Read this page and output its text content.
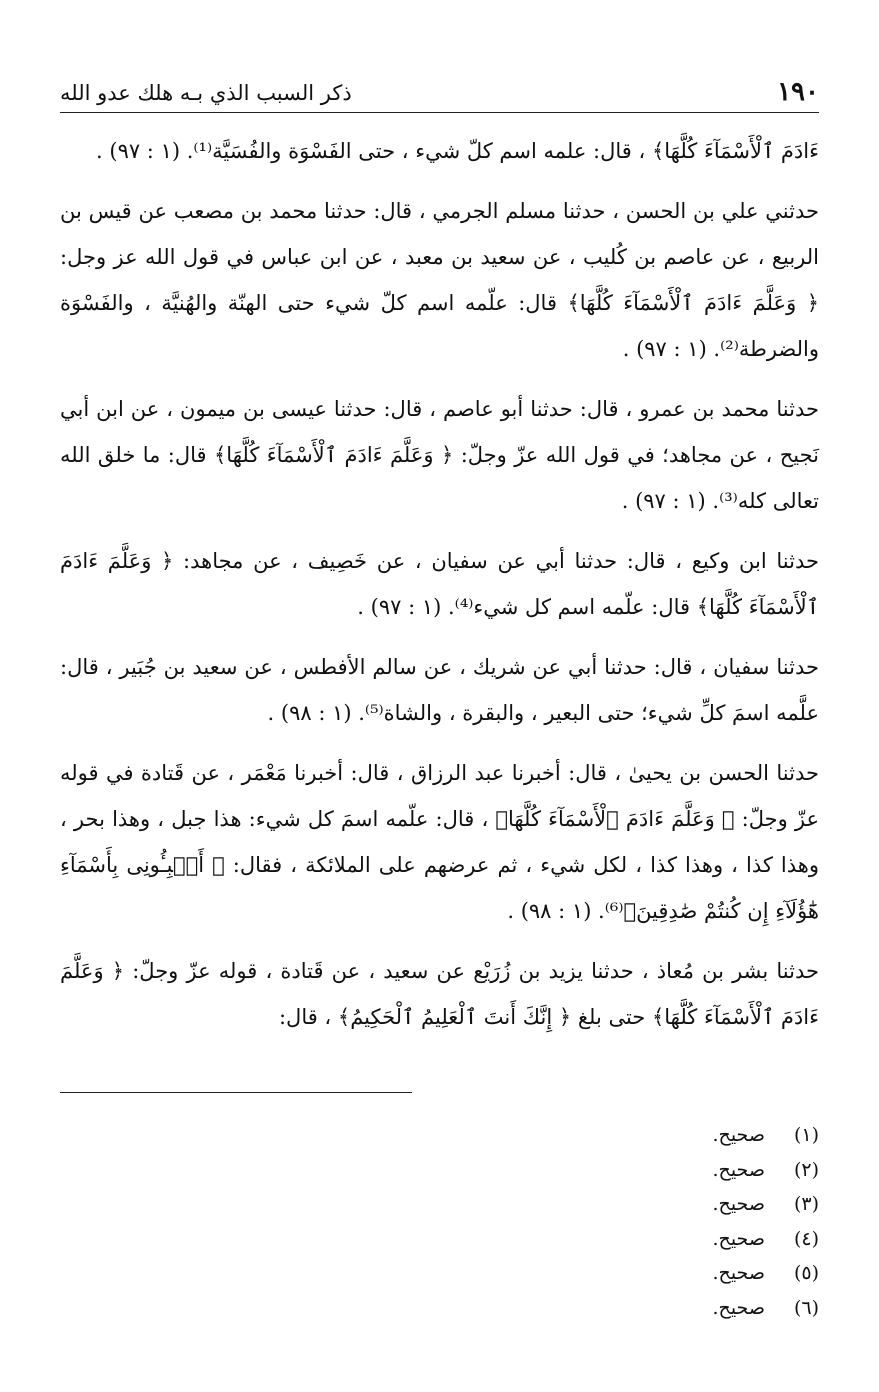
١٩٠
ذكر السبب الذي بـه هلك عدو الله

ءَادَمَ ٱلْأَسْمَآءَ كُلَّهَا﴾ ، قال: علمه اسم كلّ شيء ، حتى الفَسْوَة والفُسَيَّة⁽¹⁾. (١ : ٩٧) .

حدثني علي بن الحسن ، حدثنا مسلم الجرمي ، قال: حدثنا محمد بن مصعب عن قيس بن الربيع ، عن عاصم بن كُليب ، عن سعيد بن معبد ، عن ابن عباس في قول الله عز وجل: ﴿ وَعَلَّمَ ءَادَمَ ٱلْأَسْمَآءَ كُلَّهَا﴾ قال: علّمه اسم كلّ شيء حتى الهنّة والهُنيَّة ، والفَسْوَة والضرطة⁽²⁾. (١ : ٩٧) .

حدثنا محمد بن عمرو ، قال: حدثنا أبو عاصم ، قال: حدثنا عيسى بن ميمون ، عن ابن أبي نَجيح ، عن مجاهد؛ في قول الله عزّ وجلّ: ﴿ وَعَلَّمَ ءَادَمَ ٱلْأَسْمَآءَ كُلَّهَا﴾ قال: ما خلق الله تعالى كله⁽³⁾. (١ : ٩٧) .

حدثنا ابن وكيع ، قال: حدثنا أبي عن سفيان ، عن خَصِيف ، عن مجاهد: ﴿ وَعَلَّمَ ءَادَمَ ٱلْأَسْمَآءَ كُلَّهَا﴾ قال: علّمه اسم كل شيء⁽⁴⁾. (١ : ٩٧) .

حدثنا سفيان ، قال: حدثنا أبي عن شريك ، عن سالم الأفطس ، عن سعيد بن جُبَير ، قال: علَّمه اسمَ كلِّ شيء؛ حتى البعير ، والبقرة ، والشاة⁽⁵⁾. (١ : ٩٨) .

حدثنا الحسن بن يحيىٰ ، قال: أخبرنا عبد الرزاق ، قال: أخبرنا مَعْمَر ، عن قَتادة في قوله عزّ وجلّ: ﴿ وَعَلَّمَ ءَادَمَ ٱلْأَسْمَآءَ كُلَّهَا﴾ ، قال: علّمه اسمَ كل شيء: هذا جبل ، وهذا بحر ، وهذا كذا ، وهذا كذا ، لكل شيء ، ثم عرضهم على الملائكة ، فقال: ﴿ أَنۢبِـُٔونِى بِأَسْمَآءِ هَٰٓؤُلَآءِ إِن كُنتُمْ صَٰدِقِينَ﴾⁽⁶⁾. (١ : ٩٨) .

حدثنا بشر بن مُعاذ ، حدثنا يزيد بن زُرَيْع عن سعيد ، عن قَتادة ، قوله عزّ وجلّ: ﴿ وَعَلَّمَ ءَادَمَ ٱلْأَسْمَآءَ كُلَّهَا﴾ حتى بلغ ﴿ إِنَّكَ أَنتَ ٱلْعَلِيمُ ٱلْحَكِيمُ﴾ ، قال:

(١) صحيح.
(٢) صحيح.
(٣) صحيح.
(٤) صحيح.
(٥) صحيح.
(٦) صحيح.
